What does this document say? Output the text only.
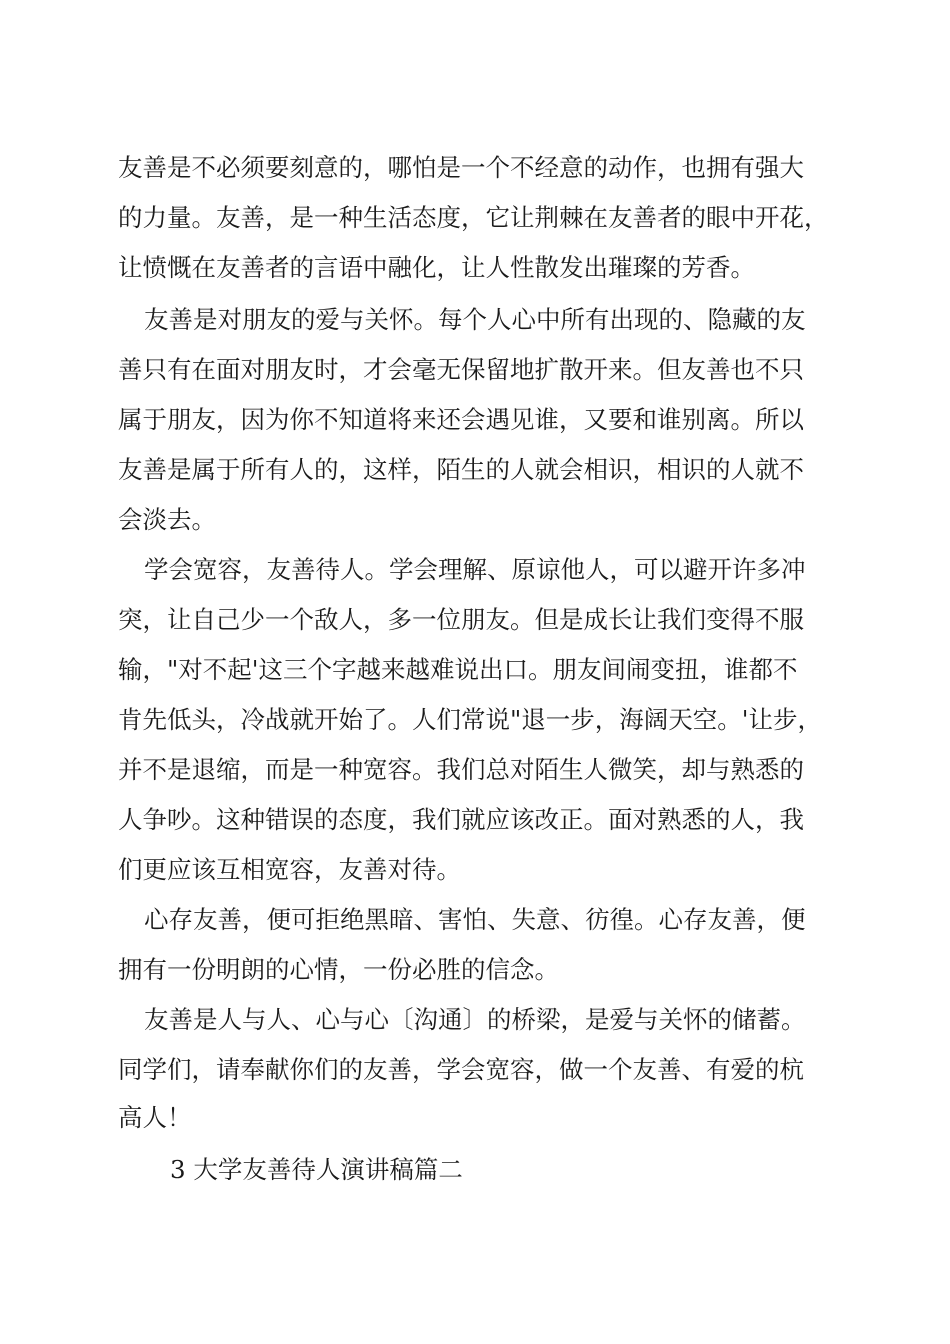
友善是不必须要刻意的，哪怕是一个不经意的动作，也拥有强大

的力量。友善，是一种生活态度，它让荆棘在友善者的眼中开花，

让愤慨在友善者的言语中融化，让人性散发出璀璨的芳香。

友善是对朋友的爱与关怀。每个人心中所有出现的、隐藏的友

善只有在面对朋友时，才会毫无保留地扩散开来。但友善也不只

属于朋友，因为你不知道将来还会遇见谁，又要和谁别离。所以

友善是属于所有人的，这样，陌生的人就会相识，相识的人就不

会淡去。

学会宽容，友善待人。学会理解、原谅他人，可以避开许多冲

突，让自己少一个敌人，多一位朋友。但是成长让我们变得不服

输，"对不起'这三个字越来越难说出口。朋友间闹变扭，谁都不

肯先低头，冷战就开始了。人们常说"退一步，海阔天空。'让步，

并不是退缩，而是一种宽容。我们总对陌生人微笑，却与熟悉的

人争吵。这种错误的态度，我们就应该改正。面对熟悉的人，我

们更应该互相宽容，友善对待。

心存友善，便可拒绝黑暗、害怕、失意、彷徨。心存友善，便

拥有一份明朗的心情，一份必胜的信念。

友善是人与人、心与心〔沟通〕的桥梁，是爱与关怀的储蓄。

同学们，请奉献你们的友善，学会宽容，做一个友善、有爱的杭

高人！

3 大学友善待人演讲稿篇二
